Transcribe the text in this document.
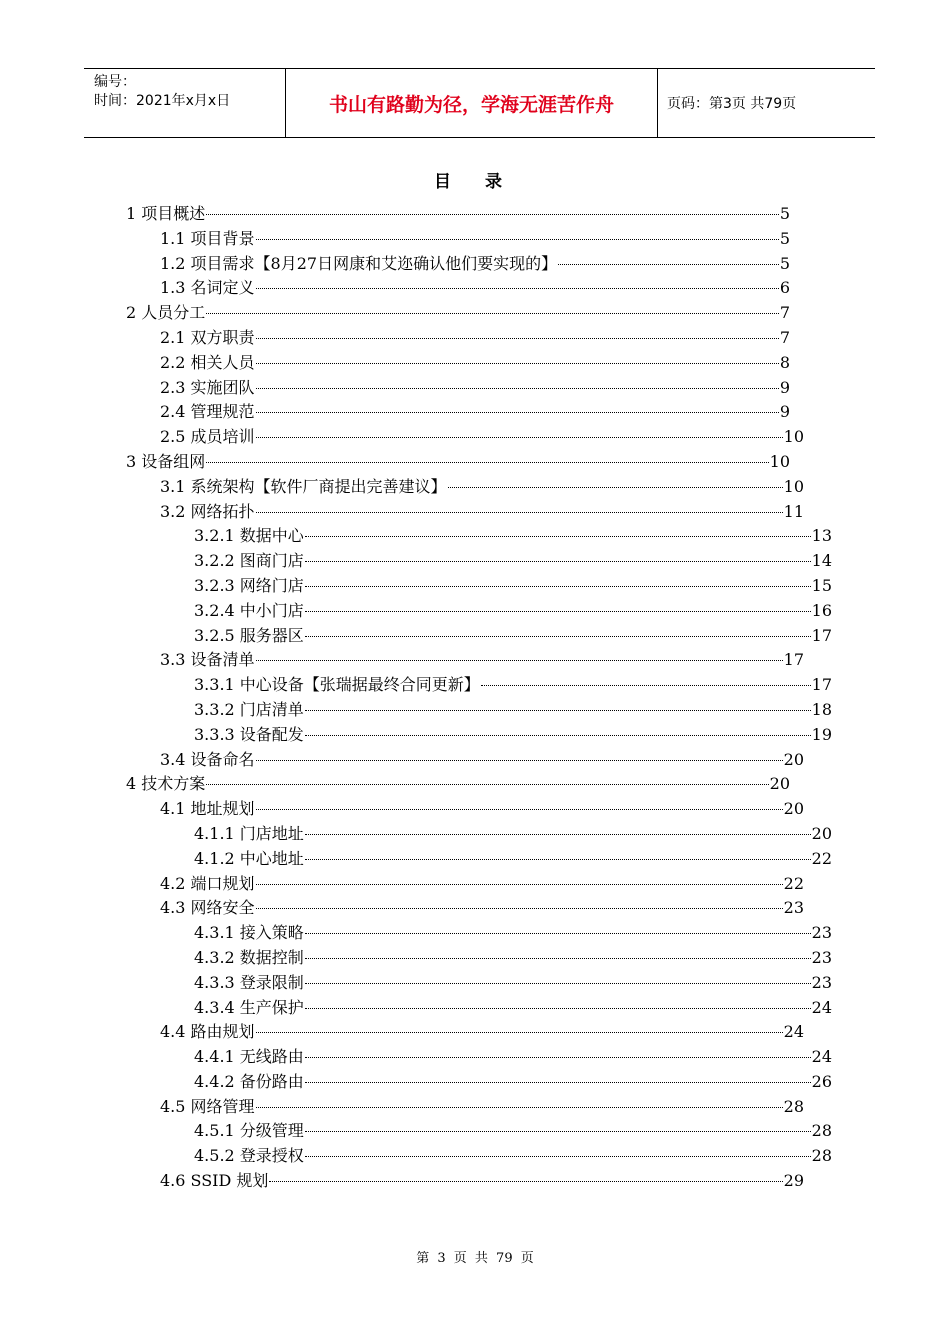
编号：
时间：2021年x月x日	书山有路勤为径，学海无涯苦作舟	页码：第3页 共79页
目 录
1 项目概述	5
1.1 项目背景	5
1.2 项目需求【8月27日网康和艾迩确认他们要实现的】	5
1.3 名词定义	6
2 人员分工	7
2.1 双方职责	7
2.2 相关人员	8
2.3 实施团队	9
2.4 管理规范	9
2.5 成员培训	10
3 设备组网	10
3.1 系统架构【软件厂商提出完善建议】	10
3.2 网络拓扑	11
3.2.1 数据中心	13
3.2.2 图商门店	14
3.2.3 网络门店	15
3.2.4 中小门店	16
3.2.5 服务器区	17
3.3 设备清单	17
3.3.1 中心设备【张瑞据最终合同更新】	17
3.3.2 门店清单	18
3.3.3 设备配发	19
3.4 设备命名	20
4 技术方案	20
4.1 地址规划	20
4.1.1 门店地址	20
4.1.2 中心地址	22
4.2 端口规划	22
4.3 网络安全	23
4.3.1 接入策略	23
4.3.2 数据控制	23
4.3.3 登录限制	23
4.3.4 生产保护	24
4.4 路由规划	24
4.4.1 无线路由	24
4.4.2 备份路由	26
4.5 网络管理	28
4.5.1 分级管理	28
4.5.2 登录授权	28
4.6 SSID 规划	29
第 3 页 共 79 页
